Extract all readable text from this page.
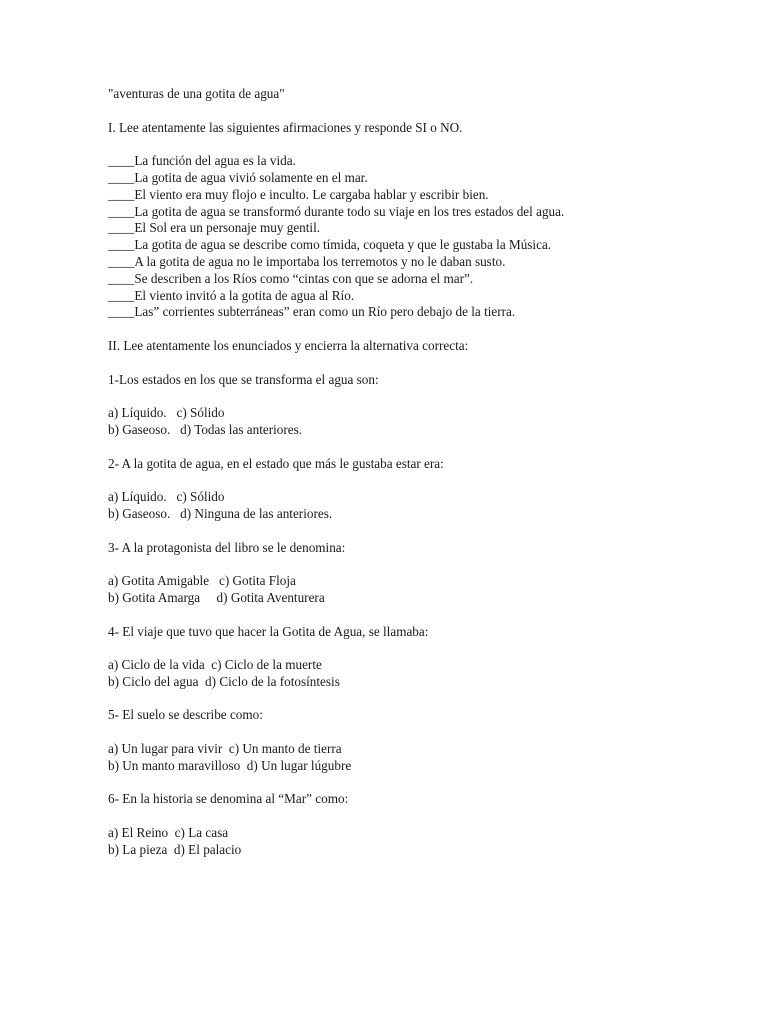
"aventuras de una gotita de agua"
I. Lee atentamente las siguientes afirmaciones y responde SI o NO.
____La función del agua es la vida.
____La gotita de agua vivió solamente en el mar.
____El viento era muy flojo e inculto. Le cargaba hablar y escribir bien.
____La gotita de agua se transformó durante todo su viaje en los tres estados del agua.
____El Sol era un personaje muy gentil.
____La gotita de agua se describe como tímida, coqueta y que le gustaba la Música.
____A la gotita de agua no le importaba los terremotos y no le daban susto.
____Se describen a los Ríos como “cintas con que se adorna el mar”.
____El viento invitó a la gotita de agua al Río.
____Las” corrientes subterráneas” eran como un Río pero debajo de la tierra.
II. Lee atentamente los enunciados y encierra la alternativa correcta:
1-Los estados en los que se transforma el agua son:
a) Líquido.   c) Sólido
b) Gaseoso.   d) Todas las anteriores.
2- A la gotita de agua, en el estado que más le gustaba estar era:
a) Líquido.   c) Sólido
b) Gaseoso.   d) Ninguna de las anteriores.
3- A la protagonista del libro se le denomina:
a) Gotita Amigable   c) Gotita Floja
b) Gotita Amarga     d) Gotita Aventurera
4- El viaje que tuvo que hacer la Gotita de Agua, se llamaba:
a) Ciclo de la vida  c) Ciclo de la muerte
b) Ciclo del agua  d) Ciclo de la fotosíntesis
5- El suelo se describe como:
a) Un lugar para vivir  c) Un manto de tierra
b) Un manto maravilloso  d) Un lugar lúgubre
6- En la historia se denomina al “Mar” como:
a) El Reino  c) La casa
b) La pieza  d) El palacio
